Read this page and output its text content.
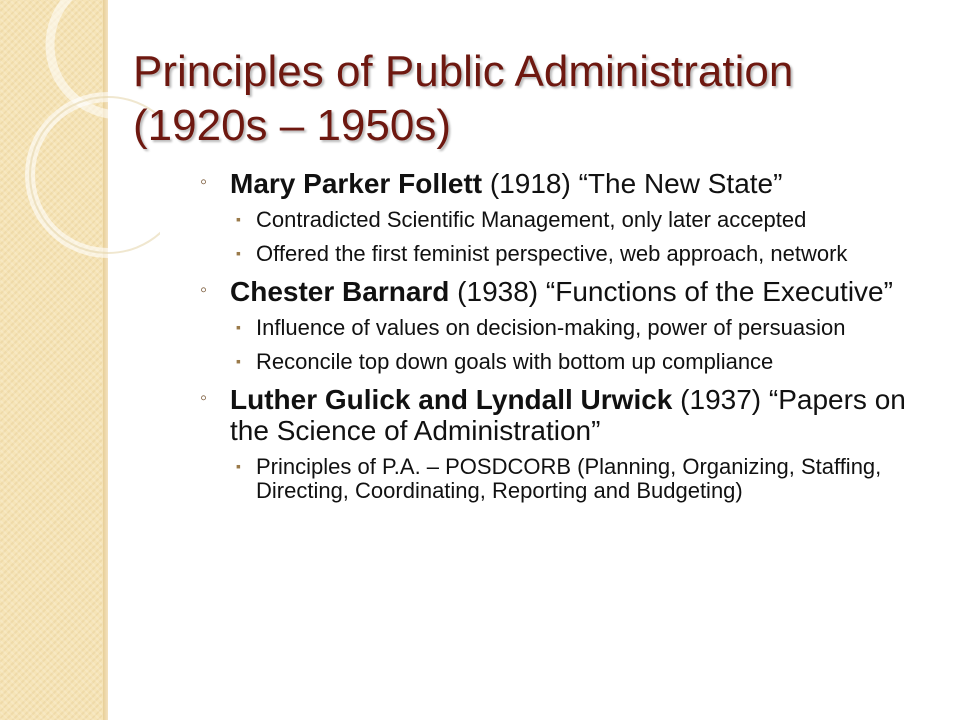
Principles of Public Administration
(1920s – 1950s)
◦ Mary Parker Follett (1918) “The New State”
▪ Contradicted Scientific Management, only later accepted
▪ Offered the first feminist perspective, web approach, network
◦ Chester Barnard (1938) “Functions of the Executive”
▪ Influence of values on decision-making, power of persuasion
▪ Reconcile top down goals with bottom up compliance
◦ Luther Gulick and Lyndall Urwick (1937) “Papers on the Science of Administration”
▪ Principles of P.A. – POSDCORB (Planning, Organizing, Staffing, Directing, Coordinating, Reporting and Budgeting)
